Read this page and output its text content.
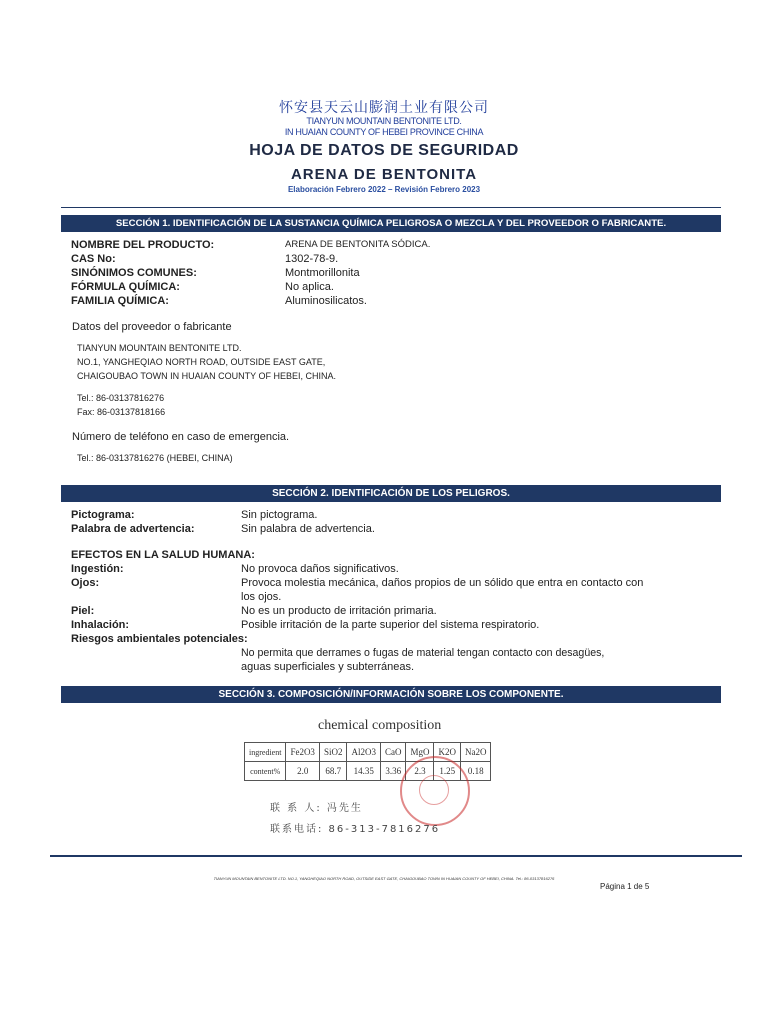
怀安县天云山膨润土业有限公司
TIANYUN MOUNTAIN BENTONITE LTD.
IN HUAIAN COUNTY OF HEBEI PROVINCE CHINA
HOJA DE DATOS DE SEGURIDAD
ARENA DE BENTONITA
Elaboración Febrero 2022 – Revisión Febrero 2023
SECCIÓN 1. IDENTIFICACIÓN DE LA SUSTANCIA QUÍMICA PELIGROSA O MEZCLA Y DEL PROVEEDOR O FABRICANTE.
NOMBRE DEL PRODUCTO:	ARENA DE BENTONITA SÓDICA.
CAS No:	1302-78-9.
SINÓNIMOS COMUNES:	Montmorillonita
FÓRMULA QUÍMICA:	No aplica.
FAMILIA QUÍMICA:	Aluminosilicatos.
Datos del proveedor o fabricante
TIANYUN MOUNTAIN BENTONITE LTD.
NO.1, YANGHEQIAO NORTH ROAD, OUTSIDE EAST GATE,
CHAIGOUBAO TOWN IN HUAIAN COUNTY OF HEBEI, CHINA.
Tel.: 86-03137816276
Fax: 86-03137818166
Número de teléfono en caso de emergencia.
Tel.: 86-03137816276 (HEBEI, CHINA)
SECCIÓN 2. IDENTIFICACIÓN DE LOS PELIGROS.
Pictograma:	Sin pictograma.
Palabra de advertencia:	Sin palabra de advertencia.
EFECTOS EN LA SALUD HUMANA:
Ingestión:	No provoca daños significativos.
Ojos:	Provoca molestia mecánica, daños propios de un sólido que entra en contacto con
los ojos.
Piel:	No es un producto de irritación primaria.
Inhalación:	Posible irritación de la parte superior del sistema respiratorio.
Riesgos ambientales potenciales:
No permita que derrames o fugas de material tengan contacto con desagües,
aguas superficiales y subterráneas.
SECCIÓN 3. COMPOSICIÓN/INFORMACIÓN SOBRE LOS COMPONENTE.
chemical composition
ingredient	Fe2O3	SiO2	Al2O3	CaO	MgO	K2O	Na2O
content%	2.0	68.7	14.35	3.36	2.3	1.25	0.18
联 系 人: 冯先生
联系电话: 86-313-7816276
TIANYUN MOUNTAIN BENTONITE LTD. NO.1, YANGHEQIAO NORTH ROAD, OUTSIDE EAST GATE, CHAIGOUBAO TOWN IN HUAIAN COUNTY OF HEBEI, CHINA. Tel.: 86-03137816276
Página 1 de 5
